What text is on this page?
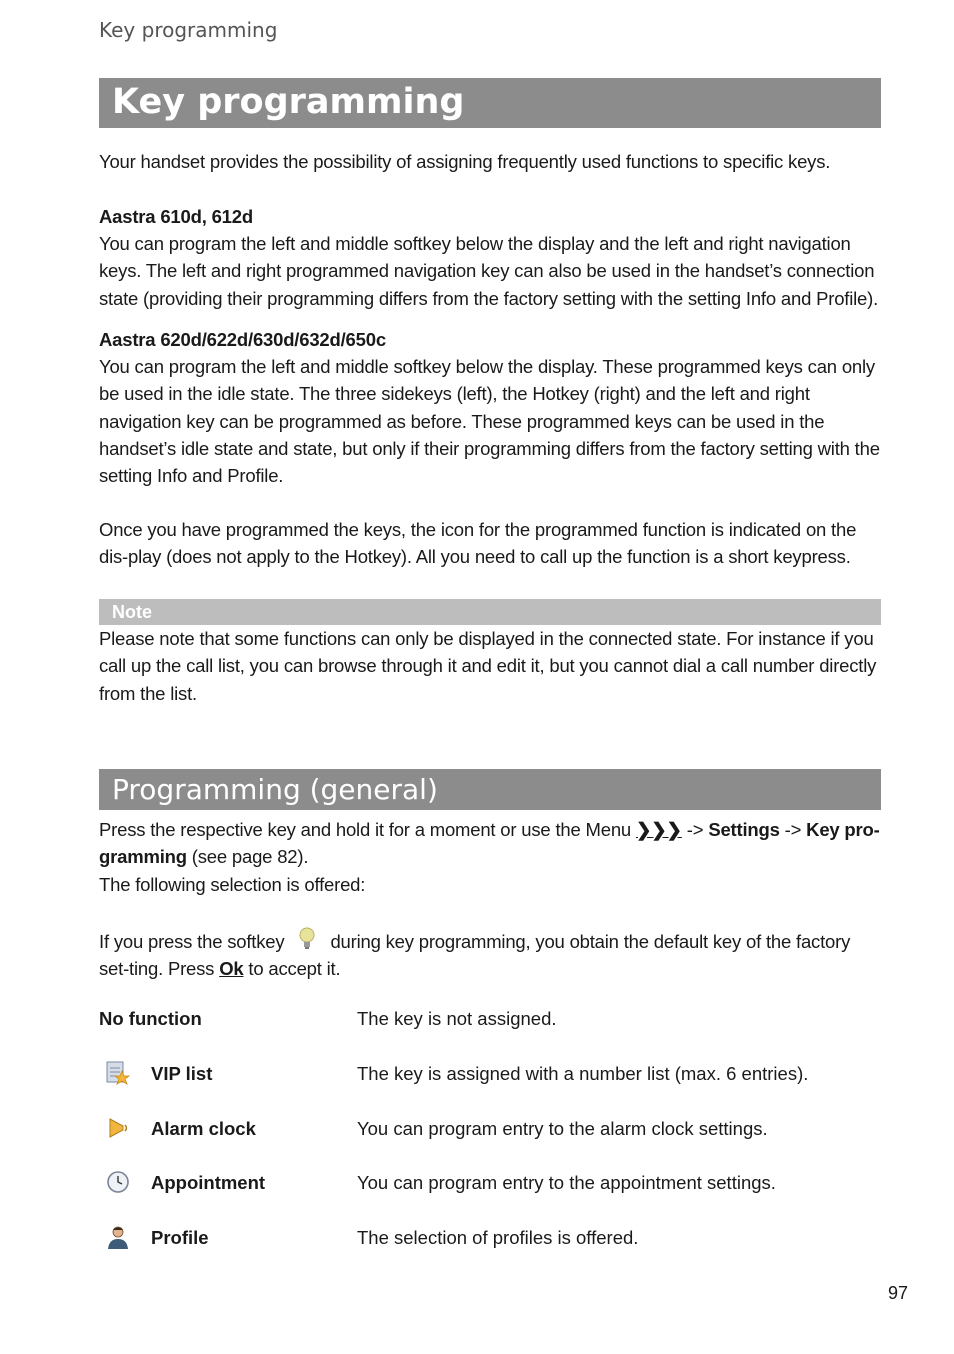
Key programming
Key programming
Your handset provides the possibility of assigning frequently used functions to specific keys.
Aastra 610d, 612d
You can program the left and middle softkey below the display and the left and right navigation keys. The left and right programmed navigation key can also be used in the handset’s connection state (providing their programming differs from the factory setting with the setting Info and Profile).
Aastra 620d/622d/630d/632d/650c
You can program the left and middle softkey below the display. These programmed keys can only be used in the idle state. The three sidekeys (left), the Hotkey (right) and the left and right navigation key can be programmed as before. These programmed keys can be used in the handset’s idle state and state, but only if their programming differs from the factory setting with the setting Info and Profile.
Once you have programmed the keys, the icon for the programmed function is indicated on the dis-play (does not apply to the Hotkey). All you need to call up the function is a short keypress.
Note
Please note that some functions can only be displayed in the connected state. For instance if you call up the call list, you can browse through it and edit it, but you cannot dial a call number directly from the list.
Programming (general)
Press the respective key and hold it for a moment or use the Menu ❯❯❯ -> Settings -> Key pro-gramming (see page 82).
The following selection is offered:
If you press the softkey during key programming, you obtain the default key of the factory set-ting. Press Ok to accept it.
No function	The key is not assigned.
VIP list	The key is assigned with a number list (max. 6 entries).
Alarm clock	You can program entry to the alarm clock settings.
Appointment	You can program entry to the appointment settings.
Profile	The selection of profiles is offered.
97
